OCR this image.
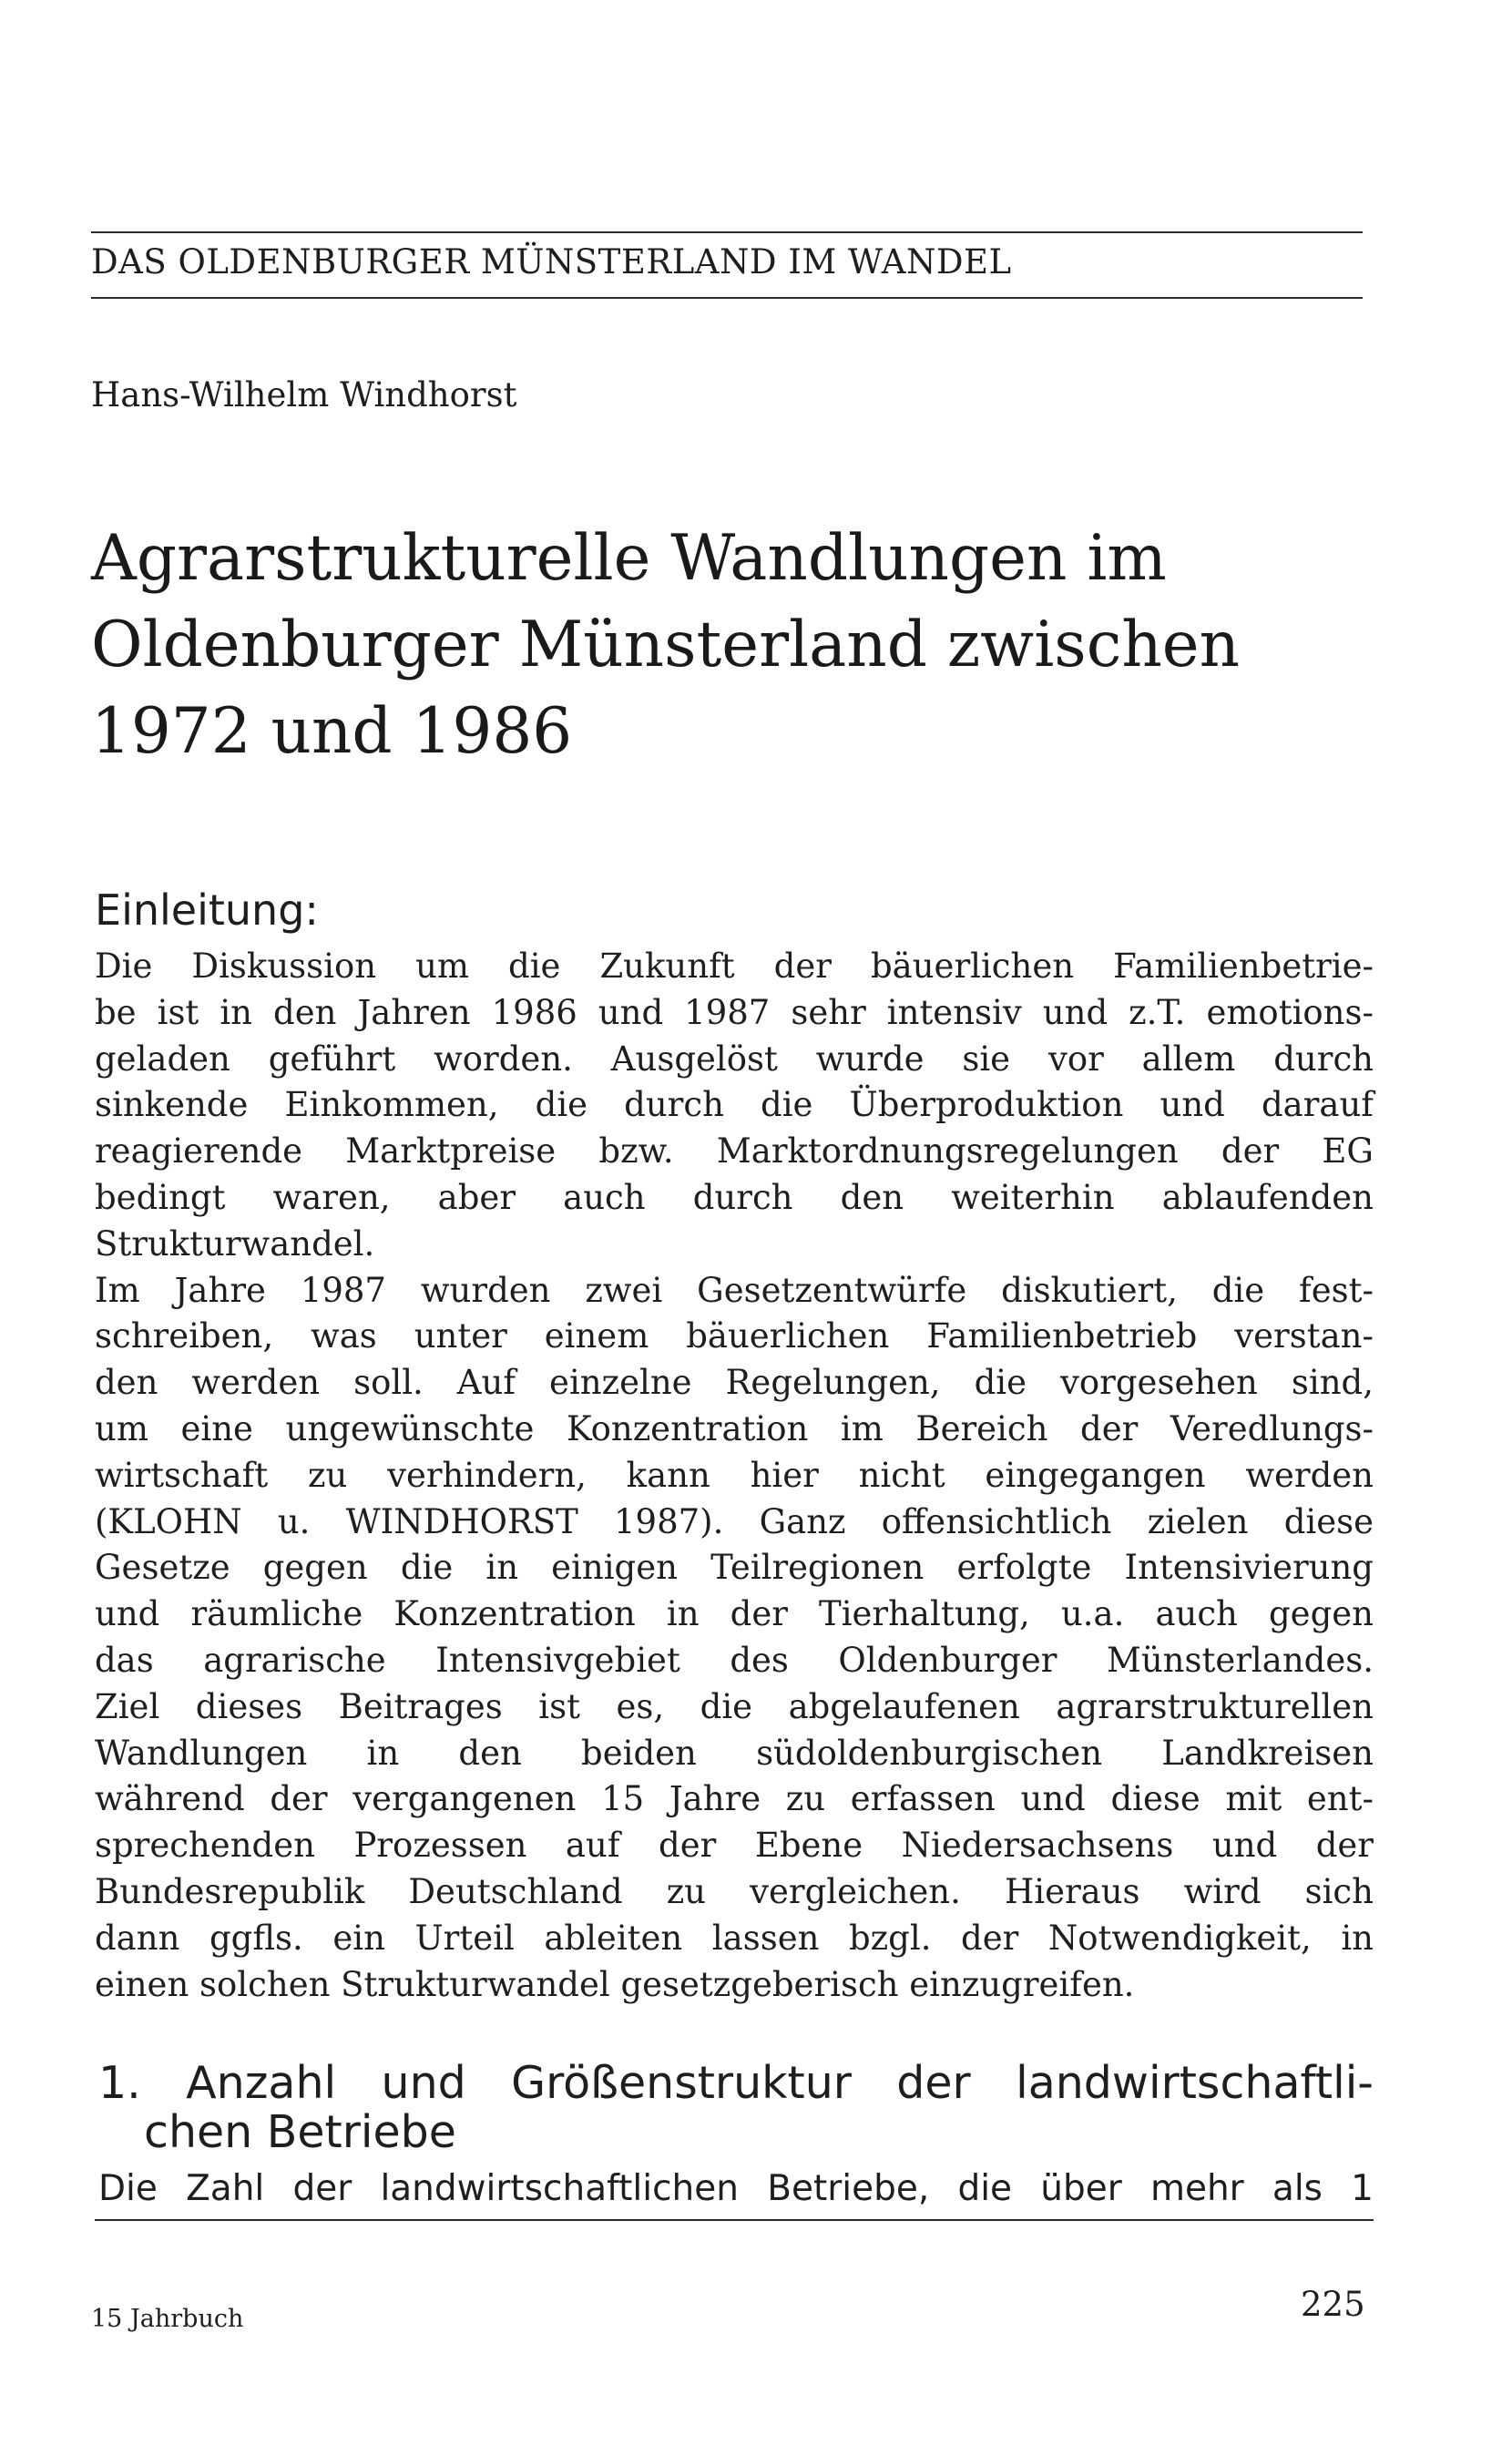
DAS OLDENBURGER MÜNSTERLAND IM WANDEL
Hans-Wilhelm Windhorst
Agrarstrukturelle Wandlungen im
Oldenburger Münsterland zwischen
1972 und 1986
Einleitung:
Die Diskussion um die Zukunft der bäuerlichen Familienbetrie-
be ist in den Jahren 1986 und 1987 sehr intensiv und z.T. emotions-
geladen geführt worden. Ausgelöst wurde sie vor allem durch
sinkende Einkommen, die durch die Überproduktion und darauf
reagierende Marktpreise bzw. Marktordnungsregelungen der EG
bedingt waren, aber auch durch den weiterhin ablaufenden
Strukturwandel.
Im Jahre 1987 wurden zwei Gesetzentwürfe diskutiert, die fest-
schreiben, was unter einem bäuerlichen Familienbetrieb verstan-
den werden soll. Auf einzelne Regelungen, die vorgesehen sind,
um eine ungewünschte Konzentration im Bereich der Veredlungs-
wirtschaft zu verhindern, kann hier nicht eingegangen werden
(KLOHN u. WINDHORST 1987). Ganz offensichtlich zielen diese
Gesetze gegen die in einigen Teilregionen erfolgte Intensivierung
und räumliche Konzentration in der Tierhaltung, u.a. auch gegen
das agrarische Intensivgebiet des Oldenburger Münsterlandes.
Ziel dieses Beitrages ist es, die abgelaufenen agrarstrukturellen
Wandlungen in den beiden südoldenburgischen Landkreisen
während der vergangenen 15 Jahre zu erfassen und diese mit ent-
sprechenden Prozessen auf der Ebene Niedersachsens und der
Bundesrepublik Deutschland zu vergleichen. Hieraus wird sich
dann ggfls. ein Urteil ableiten lassen bzgl. der Notwendigkeit, in
einen solchen Strukturwandel gesetzgeberisch einzugreifen.
1. Anzahl und Größenstruktur der landwirtschaftli-
chen Betriebe
Die Zahl der landwirtschaftlichen Betriebe, die über mehr als 1
15 Jahrbuch	225
